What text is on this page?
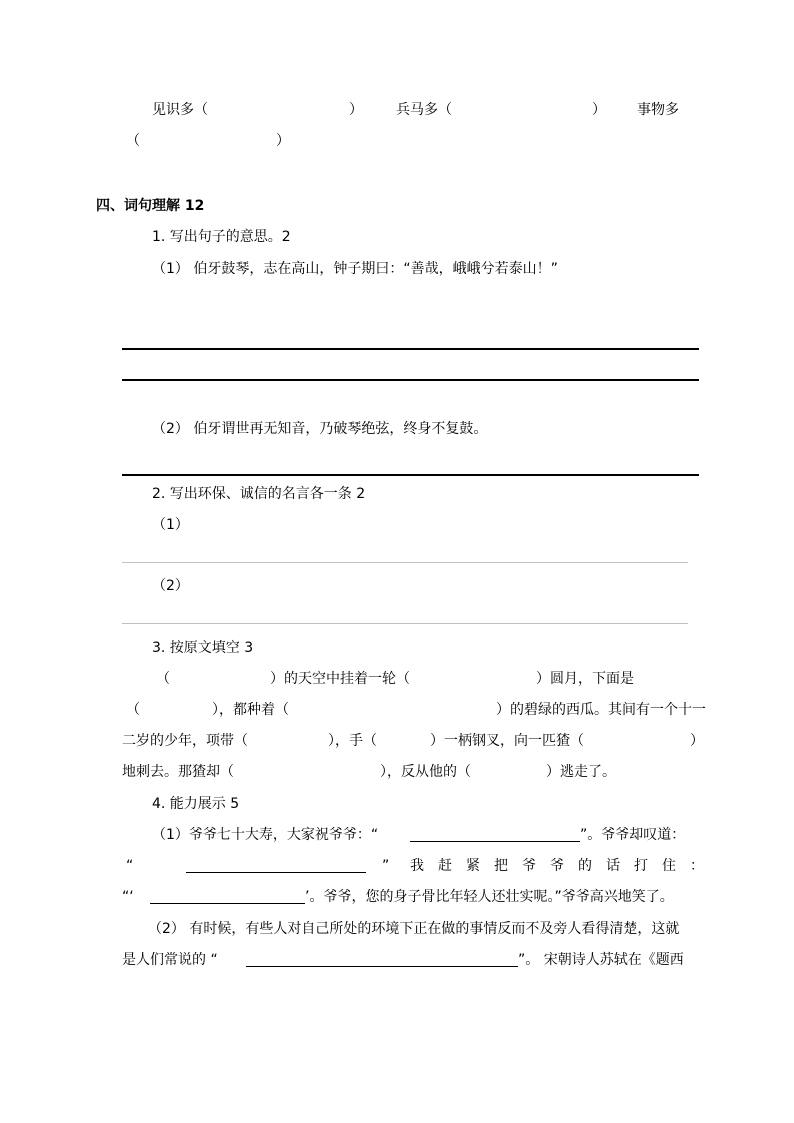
见识多（	） 兵马多（	） 事物多
（	）
四、词句理解 12
1. 写出句子的意思。2
（1） 伯牙鼓琴，志在高山，钟子期曰：“善哉，峨峨兮若泰山！”
（2） 伯牙谓世再无知音，乃破琴绝弦，终身不复鼓。
2. 写出环保、诚信的名言各一条 2
（1）
（2）
3. 按原文填空 3
（	）的天空中挂着一轮（	）圆月，下面是
（	），都种着（	）的碧绿的西瓜。其间有一个十一
二岁的少年，项带（	），手（	）一柄钢叉，向一匹猹（	）
地刺去。那猹却（	），反从他的（	）逃走了。
4. 能力展示 5
（1）爷爷七十大寿，大家祝爷爷：“	”。爷爷却叹道：
“	” 我赶紧把爷爷的话打住：
“‘	’。爷爷，您的身子骨比年轻人还壮实呢。”爷爷高兴地笑了。
（2） 有时候，有些人对自己所处的环境下正在做的事情反而不及旁人看得清楚，这就
是人们常说的 “	”。 宋朝诗人苏轼在《题西
